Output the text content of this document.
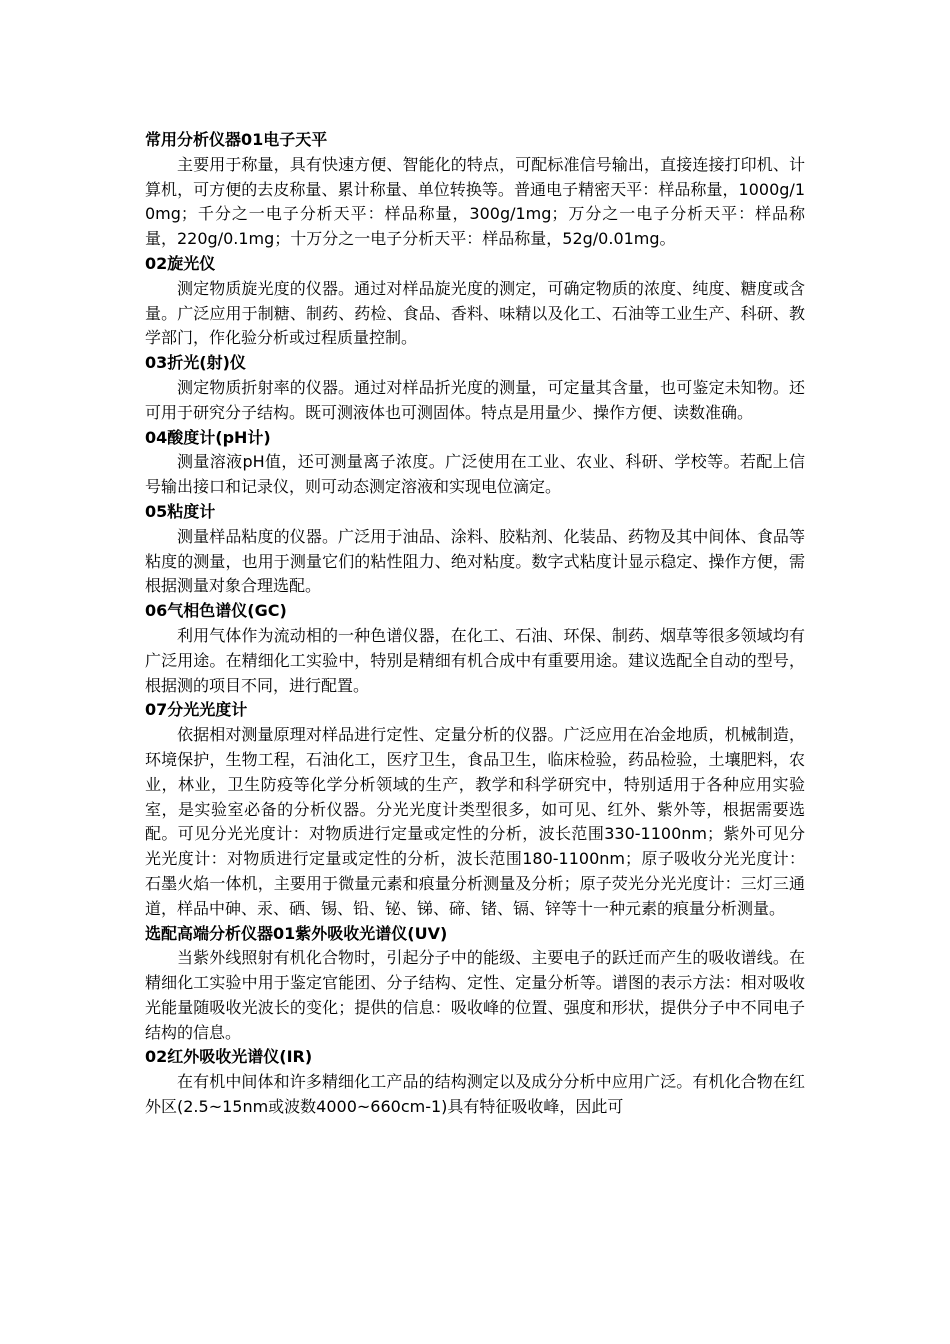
常用分析仪器01电子天平

主要用于称量，具有快速方便、智能化的特点，可配标准信号输出，直接连接打印机、计算机，可方便的去皮称量、累计称量、单位转换等。普通电子精密天平：样品称量，1000g/10mg；千分之一电子分析天平：样品称量，300g/1mg；万分之一电子分析天平：样品称量，220g/0.1mg；十万分之一电子分析天平：样品称量，52g/0.01mg。

02旋光仪

测定物质旋光度的仪器。通过对样品旋光度的测定，可确定物质的浓度、纯度、糖度或含量。广泛应用于制糖、制药、药检、食品、香料、味精以及化工、石油等工业生产、科研、教学部门，作化验分析或过程质量控制。

03折光(射)仪

测定物质折射率的仪器。通过对样品折光度的测量，可定量其含量，也可鉴定未知物。还可用于研究分子结构。既可测液体也可测固体。特点是用量少、操作方便、读数准确。

04酸度计(pH计)

测量溶液pH值，还可测量离子浓度。广泛使用在工业、农业、科研、学校等。若配上信号输出接口和记录仪，则可动态测定溶液和实现电位滴定。

05粘度计

测量样品粘度的仪器。广泛用于油品、涂料、胶粘剂、化装品、药物及其中间体、食品等粘度的测量，也用于测量它们的粘性阻力、绝对粘度。数字式粘度计显示稳定、操作方便，需根据测量对象合理选配。

06气相色谱仪(GC)

利用气体作为流动相的一种色谱仪器，在化工、石油、环保、制药、烟草等很多领域均有广泛用途。在精细化工实验中，特别是精细有机合成中有重要用途。建议选配全自动的型号，根据测的项目不同，进行配置。

07分光光度计

依据相对测量原理对样品进行定性、定量分析的仪器。广泛应用在冶金地质，机械制造，环境保护，生物工程，石油化工，医疗卫生，食品卫生，临床检验，药品检验，土壤肥料，农业，林业，卫生防疫等化学分析领域的生产，教学和科学研究中，特别适用于各种应用实验室，是实验室必备的分析仪器。分光光度计类型很多，如可见、红外、紫外等，根据需要选配。可见分光光度计：对物质进行定量或定性的分析，波长范围330-1100nm；紫外可见分光光度计：对物质进行定量或定性的分析，波长范围180-1100nm；原子吸收分光光度计：石墨火焰一体机，主要用于微量元素和痕量分析测量及分析；原子荧光分光光度计：三灯三通道，样品中砷、汞、硒、锡、铅、铋、锑、碲、锗、镉、锌等十一种元素的痕量分析测量。

选配高端分析仪器01紫外吸收光谱仪(UV)

当紫外线照射有机化合物时，引起分子中的能级、主要电子的跃迁而产生的吸收谱线。在精细化工实验中用于鉴定官能团、分子结构、定性、定量分析等。谱图的表示方法：相对吸收光能量随吸收光波长的变化；提供的信息：吸收峰的位置、强度和形状，提供分子中不同电子结构的信息。

02红外吸收光谱仪(IR)

在有机中间体和许多精细化工产品的结构测定以及成分分析中应用广泛。有机化合物在红外区(2.5~15nm或波数4000~660cm-1)具有特征吸收峰，因此可
